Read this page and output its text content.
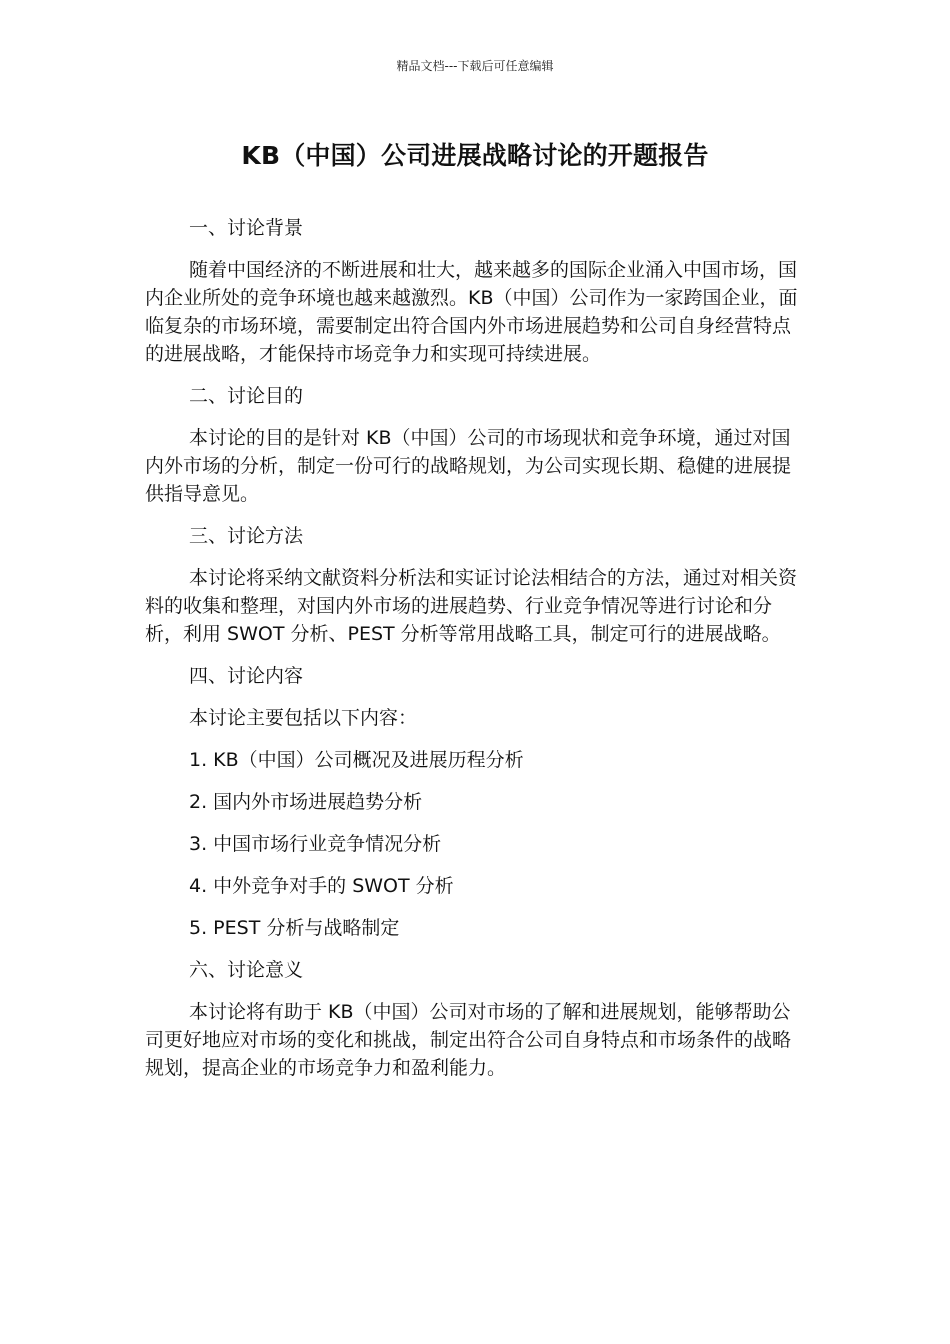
精品文档---下载后可任意编辑
KB（中国）公司进展战略讨论的开题报告

一、讨论背景

随着中国经济的不断进展和壮大，越来越多的国际企业涌入中国市场，国内企业所处的竞争环境也越来越激烈。KB（中国）公司作为一家跨国企业，面临复杂的市场环境，需要制定出符合国内外市场进展趋势和公司自身经营特点的进展战略，才能保持市场竞争力和实现可持续进展。

二、讨论目的

本讨论的目的是针对 KB（中国）公司的市场现状和竞争环境，通过对国内外市场的分析，制定一份可行的战略规划，为公司实现长期、稳健的进展提供指导意见。

三、讨论方法

本讨论将采纳文献资料分析法和实证讨论法相结合的方法，通过对相关资料的收集和整理，对国内外市场的进展趋势、行业竞争情况等进行讨论和分析，利用 SWOT 分析、PEST 分析等常用战略工具，制定可行的进展战略。

四、讨论内容

本讨论主要包括以下内容：

1. KB（中国）公司概况及进展历程分析

2. 国内外市场进展趋势分析

3. 中国市场行业竞争情况分析

4. 中外竞争对手的 SWOT 分析

5. PEST 分析与战略制定

六、讨论意义

本讨论将有助于 KB（中国）公司对市场的了解和进展规划，能够帮助公司更好地应对市场的变化和挑战，制定出符合公司自身特点和市场条件的战略规划，提高企业的市场竞争力和盈利能力。
